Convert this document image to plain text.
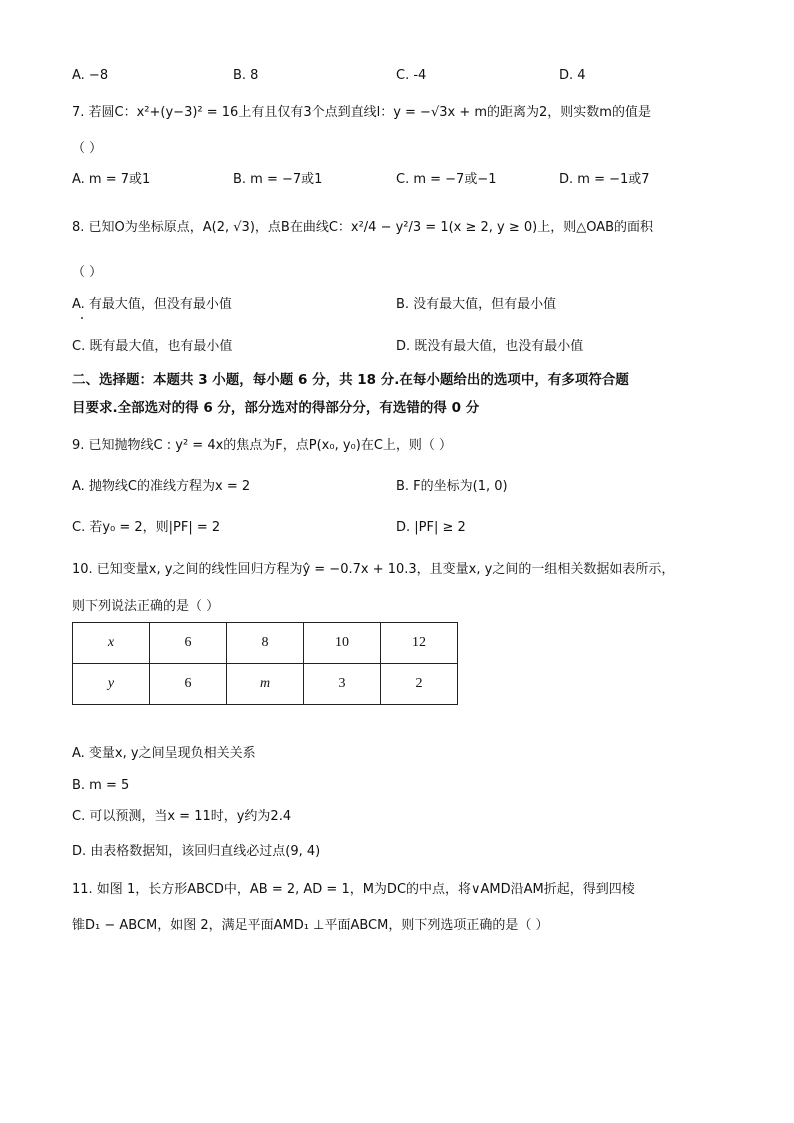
A. −8	B. 8	C. -4	D. 4
7. 若圆C：x²+(y−3)² = 16上有且仅有3个点到直线l：y = −√3x + m的距离为2，则实数m的值是
（ ）
A. m = 7或1	B. m = −7或1	C. m = −7或−1	D. m = −1或7
8. 已知O为坐标原点，A(2, √3)，点B在曲线C：x²/4 − y²/3 = 1(x ≥ 2, y ≥ 0)上，则△OAB的面积
（ ）
A. 有最大值，但没有最小值	B. 没有最大值，但有最小值
C. 既有最大值，也有最小值	D. 既没有最大值，也没有最小值
二、选择题：本题共 3 小题，每小题 6 分，共 18 分.在每小题给出的选项中，有多项符合题
目要求.全部选对的得 6 分，部分选对的得部分分，有选错的得 0 分
9. 已知抛物线C : y² = 4x的焦点为F，点P(x₀, y₀)在C上，则（ ）
A. 抛物线C的准线方程为x = 2	B. F的坐标为(1, 0)
C. 若y₀ = 2，则|PF| = 2	D. |PF| ≥ 2
10. 已知变量x, y之间的线性回归方程为ŷ = −0.7x + 10.3，且变量x, y之间的一组相关数据如表所示，
则下列说法正确的是（ ）
x	6	8	10	12
y	6	m	3	2
A. 变量x, y之间呈现负相关关系
B. m = 5
C. 可以预测，当x = 11时，y约为2.4
D. 由表格数据知，该回归直线必过点(9, 4)
11. 如图 1，长方形ABCD中，AB = 2, AD = 1，M为DC的中点，将∨AMD沿AM折起，得到四棱
锥D₁ − ABCM，如图 2，满足平面AMD₁ ⊥平面ABCM，则下列选项正确的是（ ）
